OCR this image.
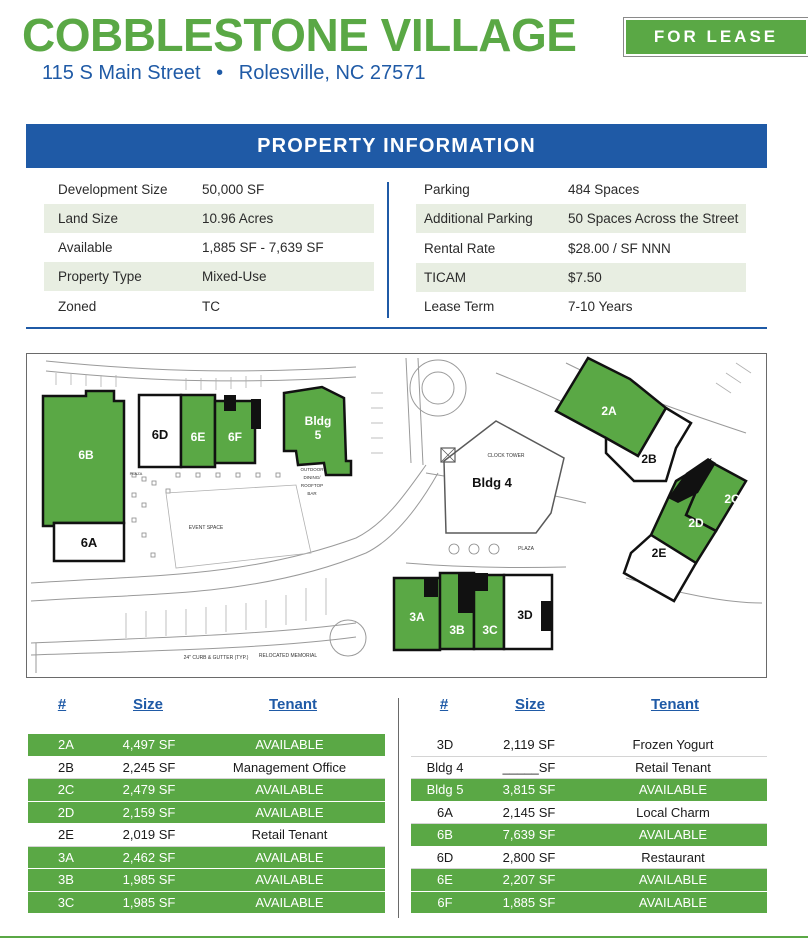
COBBLESTONE VILLAGE
115 S Main Street • Rolesville, NC 27571
FOR LEASE
PROPERTY INFORMATION
Development Size	50,000 SF
Land Size	10.96 Acres
Available	1,885 SF - 7,639 SF
Property Type	Mixed-Use
Zoned	TC
Parking	484 Spaces
Additional Parking	50 Spaces Across the Street
Rental Rate	$28.00 / SF NNN
TICAM	$7.50
Lease Term	7-10 Years
6B
6A
6D 6E 6F
Bldg
5
2A
2B
2C
2D
2E
Bldg 4
3A
3B 3C
3D
EVENT SPACE
CLOCK TOWER
PLAZA
PLAZA
OUTDOOR
DINING/
ROOFTOP
BAR
24" CURB & GUTTER (TYP.) RELOCATED MEMORIAL
#	Size	Tenant	#	Size	Tenant
2A	4,497 SF	AVAILABLE
2B	2,245 SF	Management Office
2C	2,479 SF	AVAILABLE
2D	2,159 SF	AVAILABLE
2E	2,019 SF	Retail Tenant
3A	2,462 SF	AVAILABLE
3B	1,985 SF	AVAILABLE
3C	1,985 SF	AVAILABLE
3D	2,119 SF	Frozen Yogurt
Bldg 4	_____SF	Retail Tenant
Bldg 5	3,815 SF	AVAILABLE
6A	2,145 SF	Local Charm
6B	7,639 SF	AVAILABLE
6D	2,800 SF	Restaurant
6E	2,207 SF	AVAILABLE
6F	1,885 SF	AVAILABLE
